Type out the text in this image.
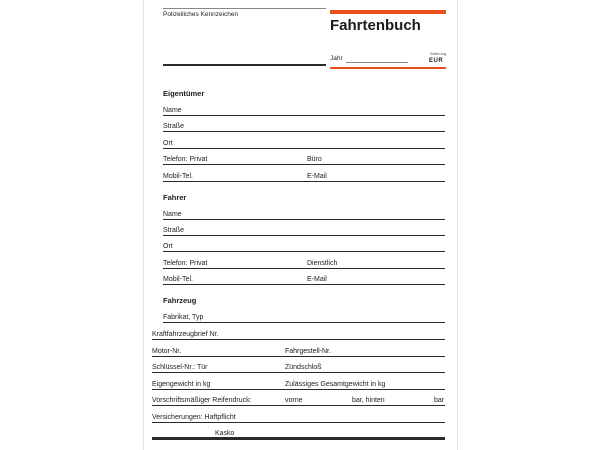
Polizeiliches Kennzeichen
Fahrtenbuch
Jahr
Währung
EUR
Eigentümer
Name
Straße
Ort
Telefon: Privat	Büro
Mobil-Tel.	E-Mail
Fahrer
Name
Straße
Ort
Telefon: Privat	Dienstlich
Mobil-Tel.	E-Mail
Fahrzeug
Fabrikat, Typ
Kraftfahrzeugbrief Nr.
Motor-Nr.	Fahrgestell-Nr.
Schlüssel-Nr.: Tür	Zündschloß
Eigengewicht in kg	Zulässiges Gesamtgewicht in kg
Vorschriftsmäßiger Reifendruck:	vorne	bar, hinten	bar
Versicherungen: Haftpflicht
Kasko
